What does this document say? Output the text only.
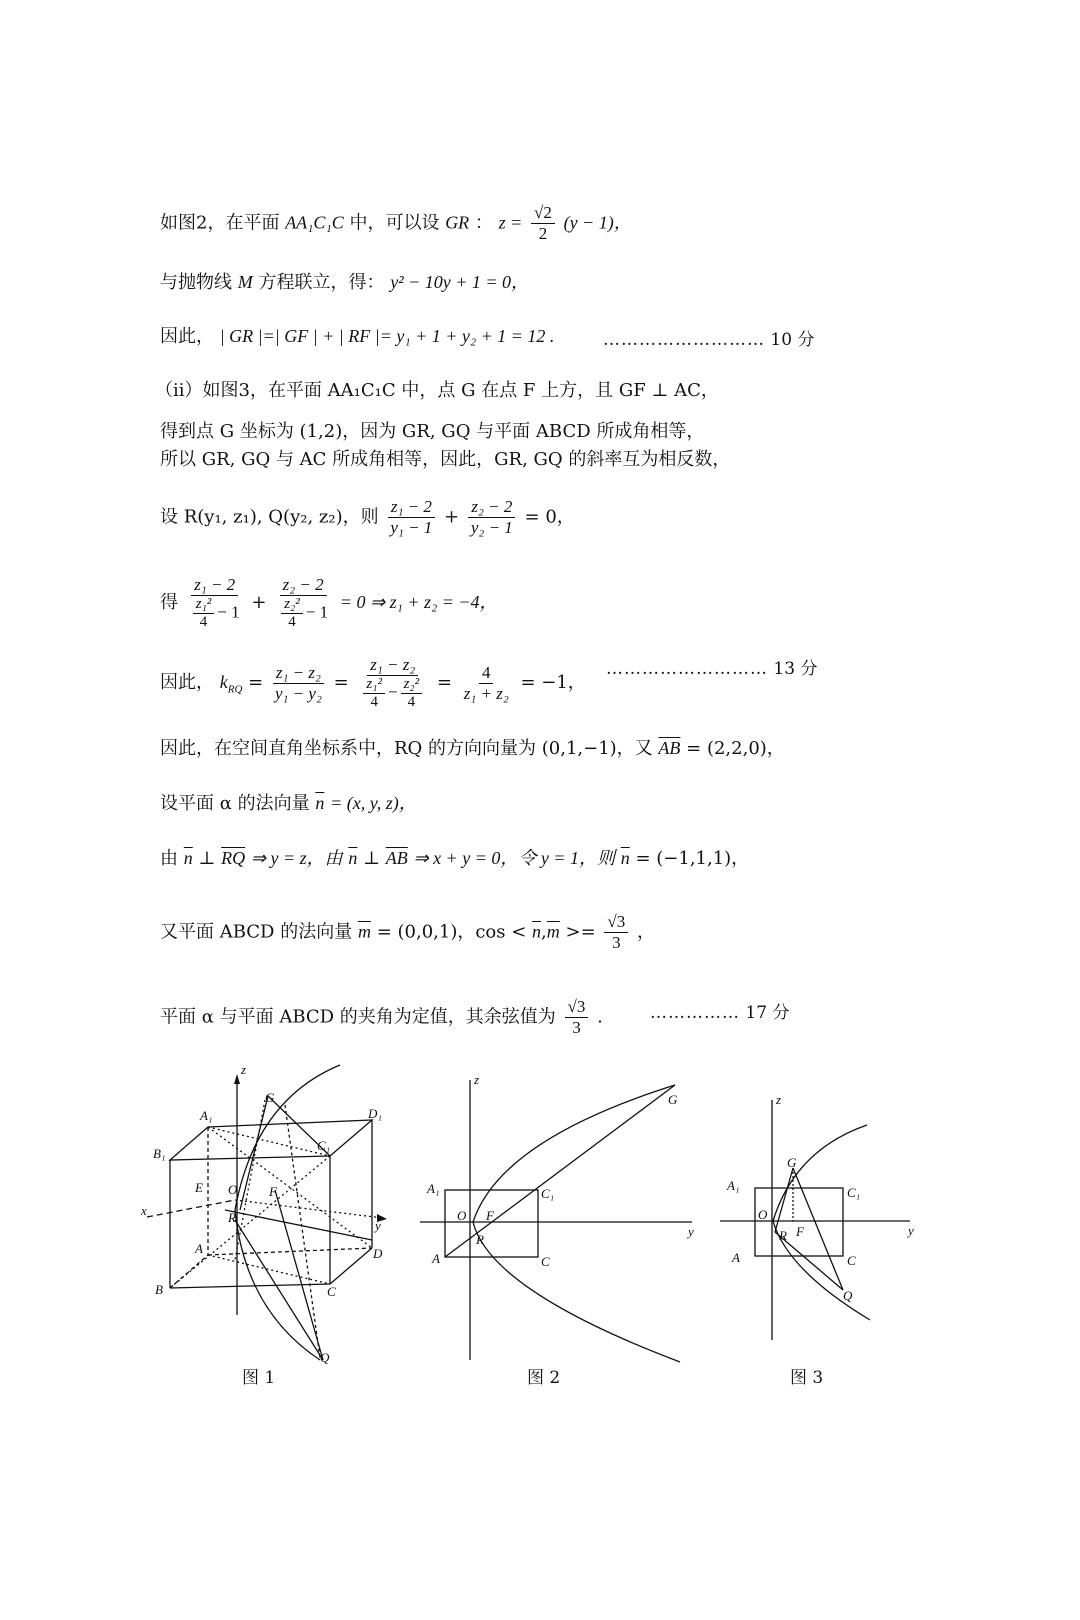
如图2，在平面 AA₁C₁C 中，可以设 GR ： $z = \frac{√2}{2} (y - 1)$，
与抛物线 M 方程联立，得： y² − 10y + 1 = 0，
因此， | GR |=| GF | + | RF |= y₁ + 1 + y₂ + 1 = 12 .	……………………… 10 分
（ii）如图3，在平面 AA₁C₁C 中，点 G 在点 F 上方，且 GF ⊥ AC，
得到点 G 坐标为 (1,2)，因为 GR, GQ 与平面 ABCD 所成角相等，
所以 GR, GQ 与 AC 所成角相等，因此，GR, GQ 的斜率互为相反数，
设 R(y₁, z₁), Q(y₂, z₂)，则 $\frac{\text{z₁ − 2}}{\text{y₁ − 1}} + \frac{\text{z₂ − 2}}{\text{y₂ − 1}} = 0$，
得 $\frac{\text{z₁ − 2}}{\frac{\text{z₁²}}{4} - 1} + \frac{\text{z₂ − 2}}{\frac{\text{z₂²}}{4} - 1} = 0$ ⇒ z₁ + z₂ = −4，
因此， $k_{RQ} = \frac{\text{z₁ − z₂}}{\text{y₁ − y₂}} = \frac{\text{z₁ − z₂}}{\frac{\text{z₁²}}{4} - \frac{\text{z₂²}}{4}} = \frac{4}{\text{z₁ + z₂}} = -1$，
……………………… 13 分
因此，在空间直角坐标系中，RQ 的方向向量为 (0,1,−1)，又 $\overline{AB} = (2,2,0)$，
设平面 α 的法向量 $\overline{n} = (x$, y, z)，
由 $\overline{n}$ ⊥ $\overline{RQ}$ ⇒ y = z，由 $\overline{n}$ ⊥ $\overline{AB}$ ⇒ x + y = 0，令 y = 1，则 $\overline{n} = (-1,1,1)$，
又平面 ABCD 的法向量 $\overline{m} = (0,0,1)$，$\cos < \overline{n},\overline{m} >= \frac{√3}{3}$ ，
平面 α 与平面 ABCD 的夹角为定值，其余弦值为 $\frac{√3}{3}$ .	…………… 17 分
z
x
y
A₁
B₁
C₁
D₁
A
B	C
D
E O F
R
G
Q
图 1
z
y
A₁	C₁
A	C
O F
R
G
图 2
z
y
A₁	C₁
A	C
O
F
R
G
Q
图 3
